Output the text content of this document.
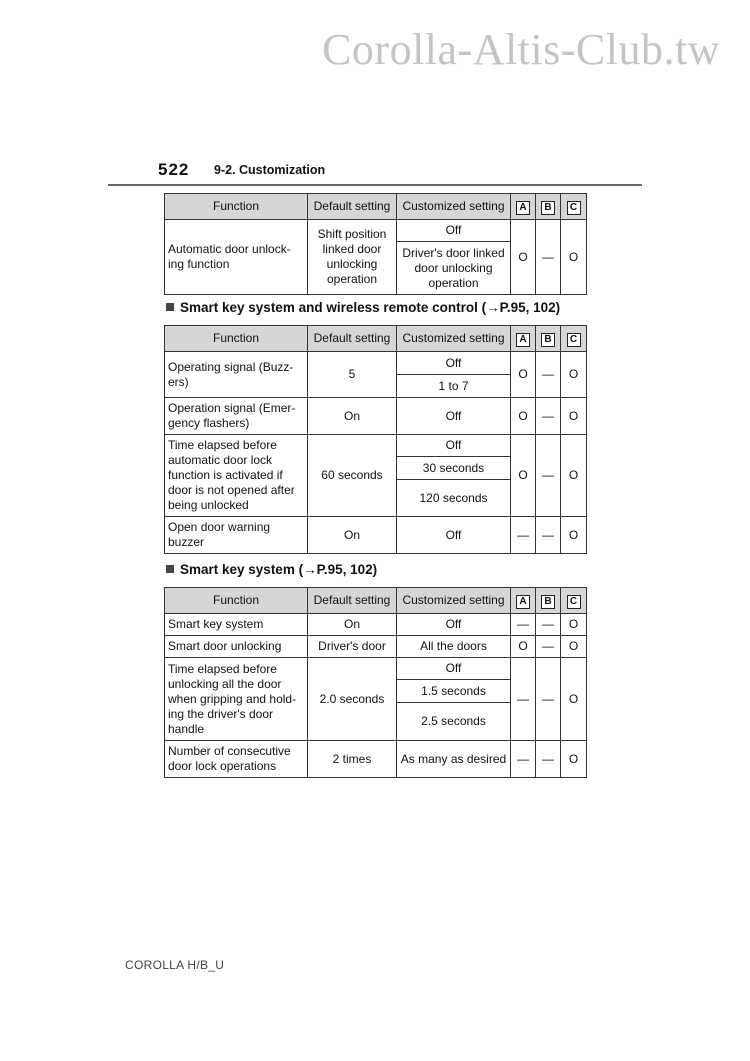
Corolla-Altis-Club.tw
522 9-2. Customization
Function	Default setting	Customized setting	A	B	C
Automatic door unlock-ing function	Shift position linked door unlocking operation	Off	O	—	O
		Driver's door linked door unlocking operation			
Smart key system and wireless remote control (→P.95, 102)
Function	Default setting	Customized setting	A	B	C
Operating signal (Buzz-ers)	5	Off	O	—	O
		1 to 7			
Operation signal (Emer-gency flashers)	On	Off	O	—	O
Time elapsed before automatic door lock function is activated if door is not opened after being unlocked	60 seconds	Off	O	—	O
		30 seconds			
		120 seconds			
Open door warning buzzer	On	Off	—	—	O
Smart key system (→P.95, 102)
Function	Default setting	Customized setting	A	B	C
Smart key system	On	Off	—	—	O
Smart door unlocking	Driver's door	All the doors	O	—	O
Time elapsed before unlocking all the door when gripping and hold-ing the driver's door handle	2.0 seconds	Off	—	—	O
		1.5 seconds			
		2.5 seconds			
Number of consecutive door lock operations	2 times	As many as desired	—	—	O
COROLLA H/B_U
